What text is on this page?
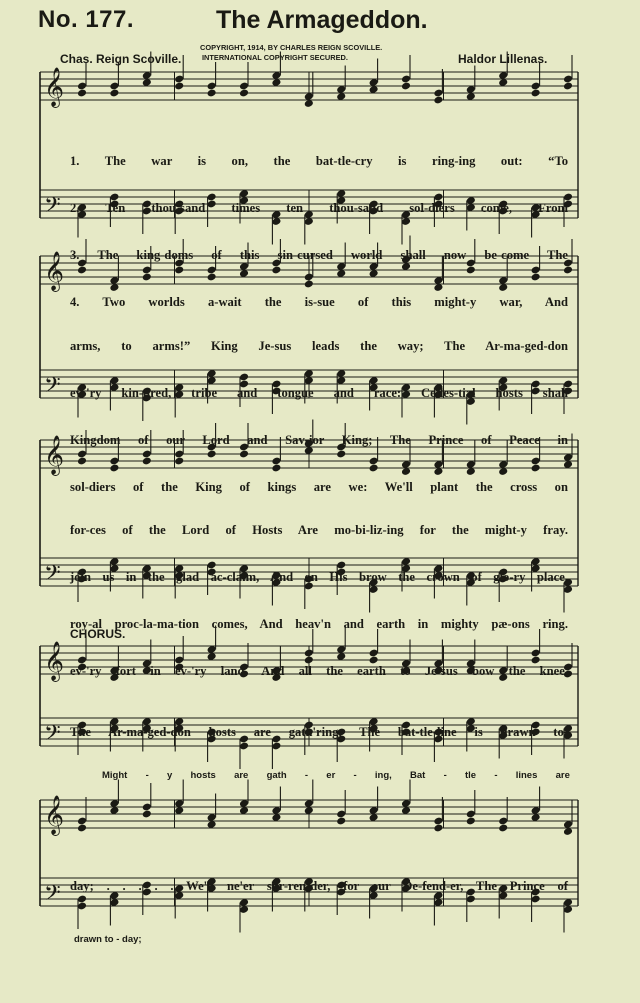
No. 177.	The Armageddon.
COPYRIGHT, 1914, BY CHARLES REIGN SCOVILLE.
INTERNATIONAL COPYRIGHT SECURED.
Chas. Reign Scoville.	Haldor Lillenas.
𝄞
𝄢
𝄞
𝄢
𝄞
𝄢
𝄞
𝄢
𝄞
𝄢

1. The war is on, the bat-tle-cry is ring-ing out: “To

2. Ten thou-sand times ten thou-sand sol-diers come, From

3. The king-doms of this sin-cursed world shall now be-come The

4. Two worlds a-wait the is-sue of this might-y war, And

arms, to arms!” King Je-sus leads the way; The Ar-ma-ged-don

ev-'ry kin-dred, tribe and tongue and race: Ce-les-tial hosts shall

Kingdom of our Lord and Sav-ior King; The Prince of Peace in

sol-diers of the King of kings are we: We'll plant the cross on

for-ces of the Lord of Hosts Are mo-bi-liz-ing for the might-y fray.

join us in the glad ac-claim, And on His brow the crown of glo-ry place.

roy-al proc-la-ma-tion comes, And heav'n and earth in mighty pæ-ons ring.

ev-'ry fort in ev-'ry land, And all the earth to Je-sus bow the knee.

CHORUS.

The Ar-ma-ged-don hosts are gath'ring, The bat-tle-line is drawn to-

Might - y hosts are gath - er - ing, Bat - tle - lines are

day; . . . . . We'll ne'er sur-ren-der, for our De-fend-er, The Prince of

drawn to - day;
